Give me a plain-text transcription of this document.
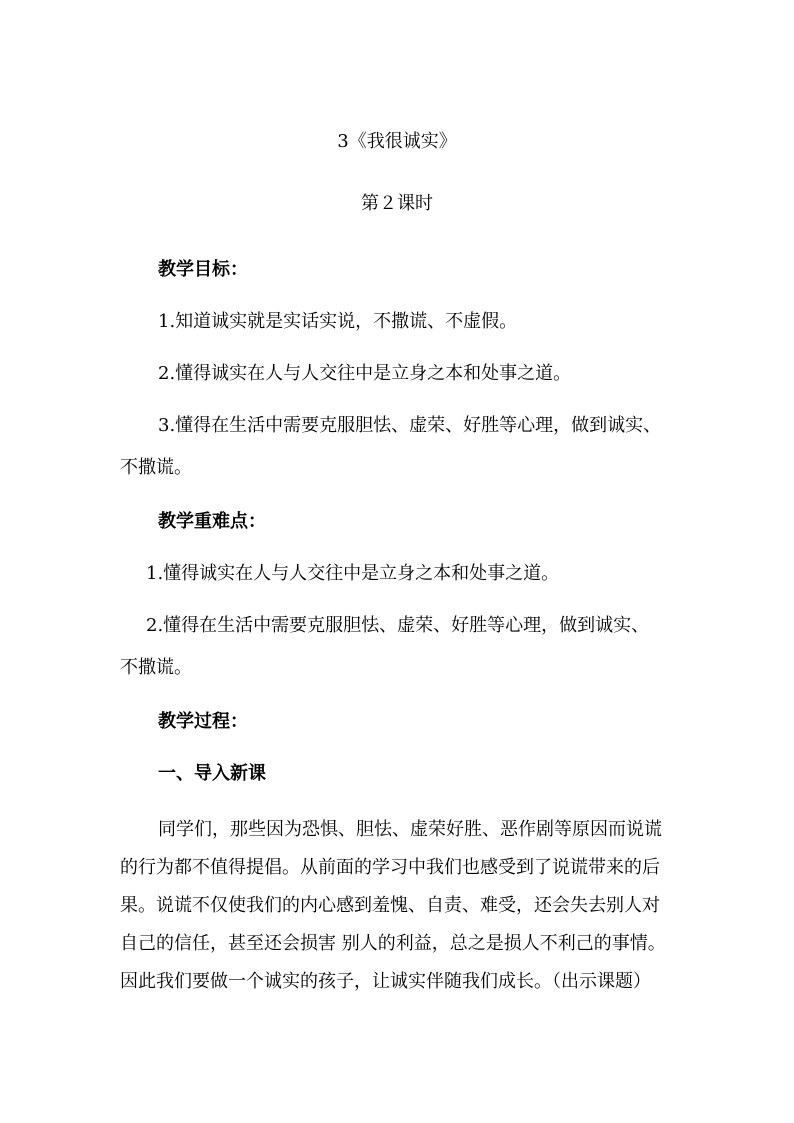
3《我很诚实》
第２课时
教学目标：
1.知道诚实就是实话实说，不撒谎、不虚假。
2.懂得诚实在人与人交往中是立身之本和处事之道。
3.懂得在生活中需要克服胆怯、虚荣、好胜等心理，做到诚实、
不撒谎。
教学重难点：
1.懂得诚实在人与人交往中是立身之本和处事之道。
2.懂得在生活中需要克服胆怯、虚荣、好胜等心理，做到诚实、
不撒谎。
教学过程：
一、导入新课
同学们，那些因为恐惧、胆怯、虚荣好胜、恶作剧等原因而说谎
的行为都不值得提倡。从前面的学习中我们也感受到了说谎带来的后
果。说谎不仅使我们的内心感到羞愧、自责、难受，还会失去别人对
自己的信任，甚至还会损害 别人的利益，总之是损人不利己的事情。
因此我们要做一个诚实的孩子，让诚实伴随我们成长。（出示课题）
